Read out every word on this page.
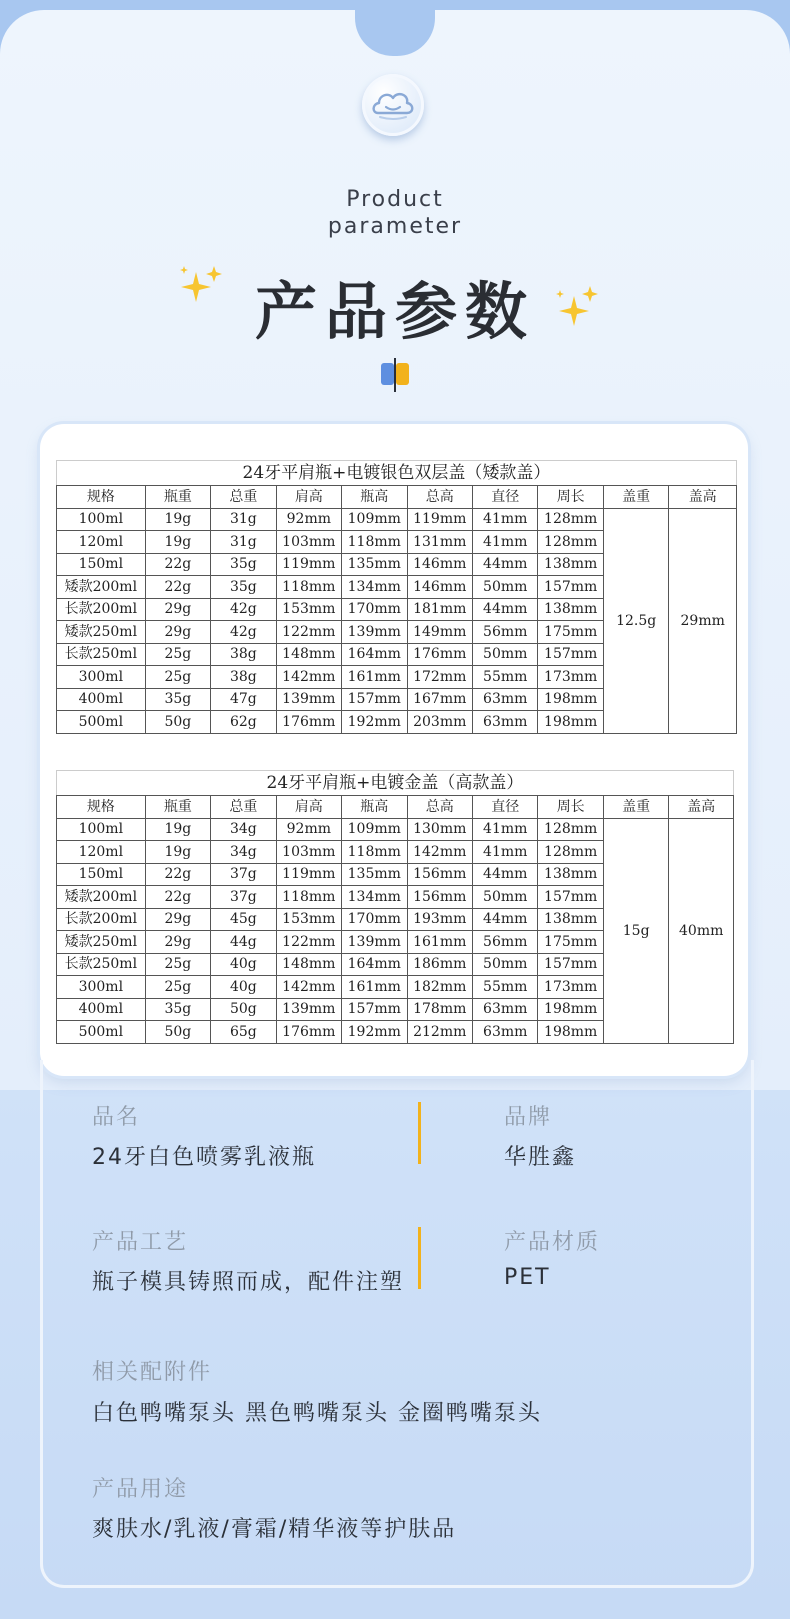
Product
parameter
产品参数
24牙平肩瓶+电镀银色双层盖（矮款盖）
规格	瓶重	总重	肩高	瓶高	总高	直径	周长	盖重	盖高
100ml	19g	31g	92mm	109mm	119mm	41mm	128mm	12.5g	29mm
120ml	19g	31g	103mm	118mm	131mm	41mm	128mm		
150ml	22g	35g	119mm	135mm	146mm	44mm	138mm		
矮款200ml	22g	35g	118mm	134mm	146mm	50mm	157mm		
长款200ml	29g	42g	153mm	170mm	181mm	44mm	138mm		
矮款250ml	29g	42g	122mm	139mm	149mm	56mm	175mm		
长款250ml	25g	38g	148mm	164mm	176mm	50mm	157mm		
300ml	25g	38g	142mm	161mm	172mm	55mm	173mm		
400ml	35g	47g	139mm	157mm	167mm	63mm	198mm		
500ml	50g	62g	176mm	192mm	203mm	63mm	198mm		
24牙平肩瓶+电镀金盖（高款盖）
规格	瓶重	总重	肩高	瓶高	总高	直径	周长	盖重	盖高
100ml	19g	34g	92mm	109mm	130mm	41mm	128mm	15g	40mm
120ml	19g	34g	103mm	118mm	142mm	41mm	128mm		
150ml	22g	37g	119mm	135mm	156mm	44mm	138mm		
矮款200ml	22g	37g	118mm	134mm	156mm	50mm	157mm		
长款200ml	29g	45g	153mm	170mm	193mm	44mm	138mm		
矮款250ml	29g	44g	122mm	139mm	161mm	56mm	175mm		
长款250ml	25g	40g	148mm	164mm	186mm	50mm	157mm		
300ml	25g	40g	142mm	161mm	182mm	55mm	173mm		
400ml	35g	50g	139mm	157mm	178mm	63mm	198mm		
500ml	50g	65g	176mm	192mm	212mm	63mm	198mm		
品名
24牙白色喷雾乳液瓶
品牌
华胜鑫
产品工艺
瓶子模具铸照而成，配件注塑
产品材质
PET
相关配附件
白色鸭嘴泵头 黑色鸭嘴泵头 金圈鸭嘴泵头
产品用途
爽肤水/乳液/膏霜/精华液等护肤品
